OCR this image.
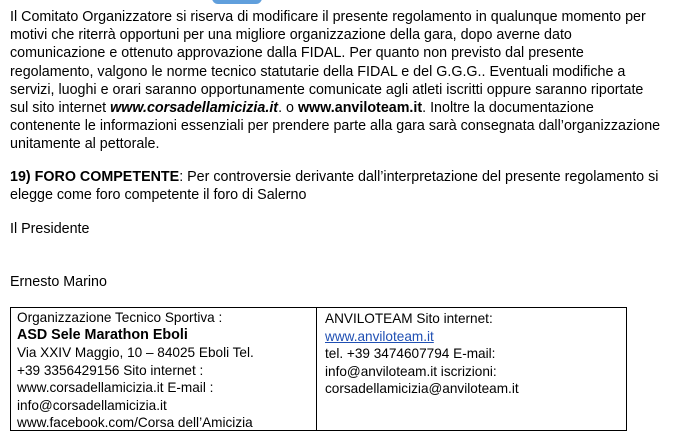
Il Comitato Organizzatore si riserva di modificare il presente regolamento in qualunque momento per motivi che riterrà opportuni per una migliore organizzazione della gara, dopo averne dato comunicazione e ottenuto approvazione dalla FIDAL. Per quanto non previsto dal presente regolamento, valgono le norme tecnico statutarie della FIDAL e del G.G.G.. Eventuali modifiche a servizi, luoghi e orari saranno opportunamente comunicate agli atleti iscritti oppure saranno riportate sul sito internet www.corsadellamicizia.it. o www.anviloteam.it. Inoltre la documentazione contenente le informazioni essenziali per prendere parte alla gara sarà consegnata dall’organizzazione unitamente al pettorale.
19) FORO COMPETENTE: Per controversie derivante dall’interpretazione del presente regolamento si elegge come foro competente il foro di Salerno
Il Presidente
Ernesto Marino
Organizzazione Tecnico Sportiva :
ASD Sele Marathon Eboli
Via XXIV Maggio, 10 – 84025 Eboli Tel.
+39 3356429156 Sito internet :
www.corsadellamicizia.it E-mail :
info@corsadellamicizia.it
www.facebook.com/Corsa dell’Amicizia
ANVILOTEAM Sito internet:
www.anviloteam.it
tel. +39 3474607794 E-mail:
info@anviloteam.it iscrizioni:
corsadellamicizia@anviloteam.it
